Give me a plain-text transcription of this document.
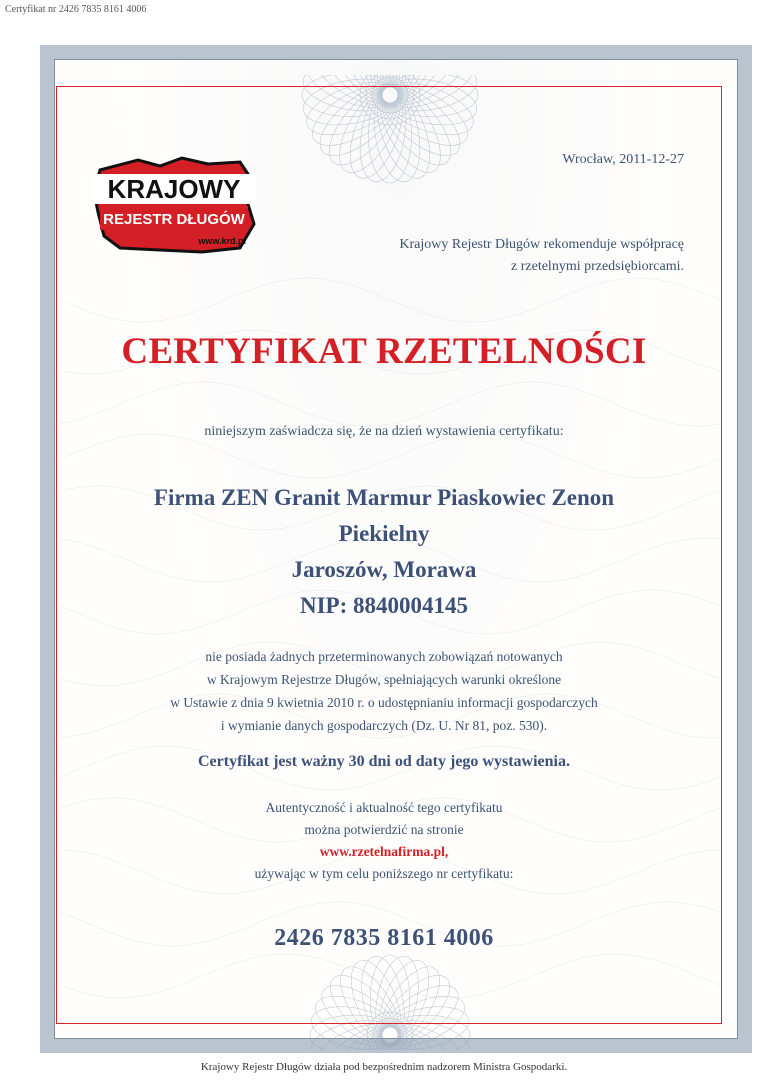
Certyfikat nr 2426 7835 8161 4006
KRAJOWY
REJESTR DŁUGÓW
www.krd.pl
Wrocław, 2011-12-27
Krajowy Rejestr Długów rekomenduje współpracę
z rzetelnymi przedsiębiorcami.
CERTYFIKAT RZETELNOŚCI
niniejszym zaświadcza się, że na dzień wystawienia certyfikatu:
Firma ZEN Granit Marmur Piaskowiec Zenon
Piekielny
Jaroszów, Morawa
NIP: 8840004145
nie posiada żadnych przeterminowanych zobowiązań notowanych
w Krajowym Rejestrze Długów, spełniających warunki określone
w Ustawie z dnia 9 kwietnia 2010 r. o udostępnianiu informacji gospodarczych
i wymianie danych gospodarczych (Dz. U. Nr 81, poz. 530).
Certyfikat jest ważny 30 dni od daty jego wystawienia.
Autentyczność i aktualność tego certyfikatu
można potwierdzić na stronie
www.rzetelnafirma.pl,
używając w tym celu poniższego nr certyfikatu:
2426 7835 8161 4006
Krajowy Rejestr Długów działa pod bezpośrednim nadzorem Ministra Gospodarki.
